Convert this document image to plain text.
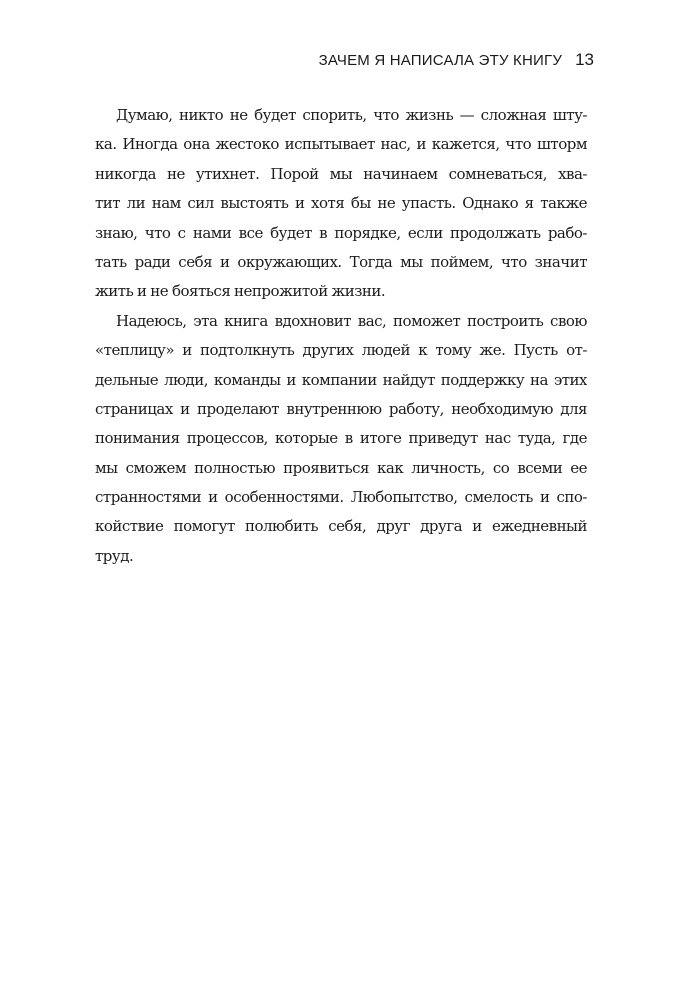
ЗАЧЕМ Я НАПИСАЛА ЭТУ КНИГУ 13

Думаю, никто не будет спорить, что жизнь — сложная шту-
ка. Иногда она жестоко испытывает нас, и кажется, что шторм
никогда не утихнет. Порой мы начинаем сомневаться, хва-
тит ли нам сил выстоять и хотя бы не упасть. Однако я также
знаю, что с нами все будет в порядке, если продолжать рабо-
тать ради себя и окружающих. Тогда мы поймем, что значит
жить и не бояться непрожитой жизни.

Надеюсь, эта книга вдохновит вас, поможет построить свою
«теплицу» и подтолкнуть других людей к тому же. Пусть от-
дельные люди, команды и компании найдут поддержку на этих
страницах и проделают внутреннюю работу, необходимую для
понимания процессов, которые в итоге приведут нас туда, где
мы сможем полностью проявиться как личность, со всеми ее
странностями и особенностями. Любопытство, смелость и спо-
койствие помогут полюбить себя, друг друга и ежедневный
труд.
